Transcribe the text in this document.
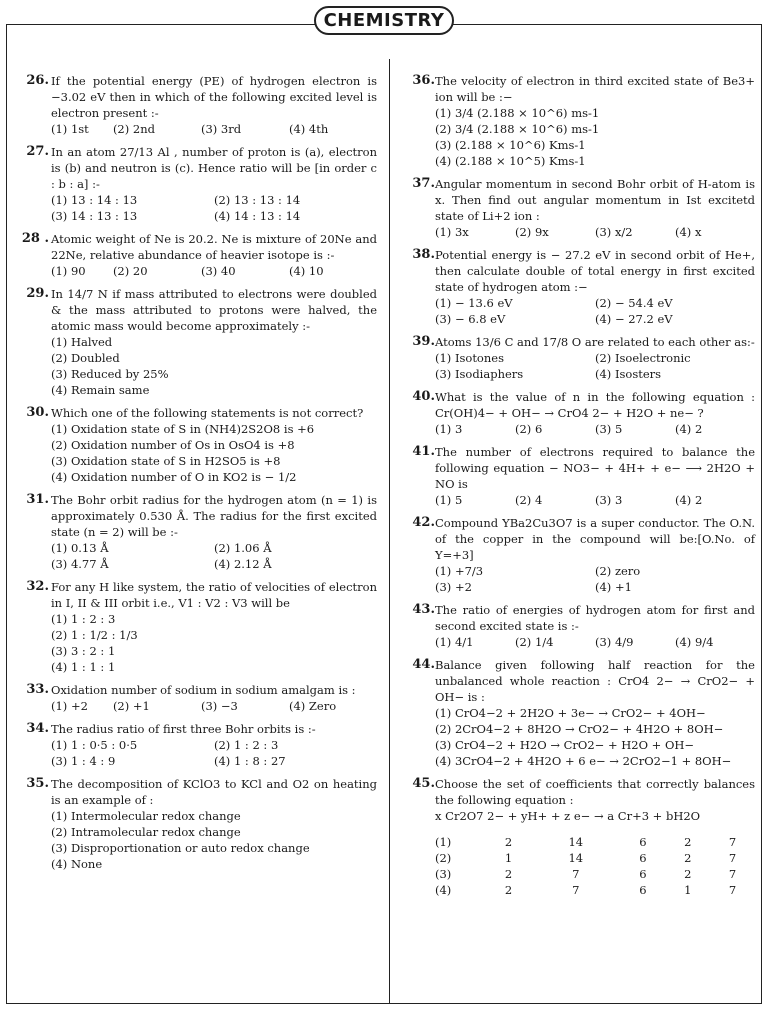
CHEMISTRY
26. If the potential energy (PE) of hydrogen electron is −3.02 eV then in which of the following excited level is electron present :-
(1) 1st	(2) 2nd	(3) 3rd	(4) 4th
27. In an atom 27/13 Al , number of proton is (a), electron is (b) and neutron is (c). Hence ratio will be [in order c : b : a] :-
(1) 13 : 14 : 13	(2) 13 : 13 : 14
(3) 14 : 13 : 13	(4) 14 : 13 : 14
28 . Atomic weight of Ne is 20.2. Ne is mixture of 20Ne and 22Ne, relative abundance of heavier isotope is :-
(1) 90	(2) 20	(3) 40	(4) 10
29. In 14/7 N if mass attributed to electrons were doubled & the mass attributed to protons were halved, the atomic mass would become approximately :-
(1) Halved
(2) Doubled
(3) Reduced by 25%
(4) Remain same
30. Which one of the following statements is not correct?
(1) Oxidation state of S in (NH4)2S2O8 is +6
(2) Oxidation number of Os in OsO4 is +8
(3) Oxidation state of S in H2SO5 is +8
(4) Oxidation number of O in KO2 is − 1/2
31. The Bohr orbit radius for the hydrogen atom (n = 1) is approximately 0.530 Å. The radius for the first excited state (n = 2) will be :-
(1) 0.13 Å	(2) 1.06 Å
(3) 4.77 Å	(4) 2.12 Å
32. For any H like system, the ratio of velocities of electron in I, II & III orbit i.e., V1 : V2 : V3 will be
(1) 1 : 2 : 3
(2) 1 : 1/2 : 1/3
(3) 3 : 2 : 1
(4) 1 : 1 : 1
33. Oxidation number of sodium in sodium amalgam is :
(1) +2	(2) +1	(3) −3	(4) Zero
34. The radius ratio of first three Bohr orbits is :-
(1) 1 : 0·5 : 0·5	(2) 1 : 2 : 3
(3) 1 : 4 : 9	(4) 1 : 8 : 27
35. The decomposition of KClO3 to KCl and O2 on heating is an example of :
(1) Intermolecular redox change
(2) Intramolecular redox change
(3) Disproportionation or auto redox change
(4) None
36. The velocity of electron in third excited state of Be3+ ion will be :−
(1) 3/4 (2.188 × 10^6) ms-1
(2) 3/4 (2.188 × 10^6) ms-1
(3) (2.188 × 10^6) Kms-1
(4) (2.188 × 10^5) Kms-1
37. Angular momentum in second Bohr orbit of H-atom is x. Then find out angular momentum in Ist excitetd state of Li+2 ion :
(1) 3x	(2) 9x	(3) x/2	(4) x
38. Potential energy is − 27.2 eV in second orbit of He+, then calculate double of total energy in first excited state of hydrogen atom :−
(1) − 13.6 eV	(2) − 54.4 eV
(3) − 6.8 eV	(4) − 27.2 eV
39. Atoms 13/6 C and 17/8 O are related to each other as:-
(1) Isotones	(2) Isoelectronic
(3) Isodiaphers	(4) Isosters
40. What is the value of n in the following equation : Cr(OH)4− + OH− → CrO4 2− + H2O + ne− ?
(1) 3	(2) 6	(3) 5	(4) 2
41. The number of electrons required to balance the following equation − NO3− + 4H+ + e− ⟶ 2H2O + NO is
(1) 5	(2) 4	(3) 3	(4) 2
42. Compound YBa2Cu3O7 is a super conductor. The O.N. of the copper in the compound will be:[O.No. of Y=+3]
(1) +7/3	(2) zero
(3) +2	(4) +1
43. The ratio of energies of hydrogen atom for first and second excited state is :-
(1) 4/1	(2) 1/4	(3) 4/9	(4) 9/4
44. Balance given following half reaction for the unbalanced whole reaction : CrO4 2− → CrO2− + OH− is :
(1) CrO4−2 + 2H2O + 3e− → CrO2− + 4OH−
(2) 2CrO4−2 + 8H2O → CrO2− + 4H2O + 8OH−
(3) CrO4−2 + H2O → CrO2− + H2O + OH−
(4) 3CrO4−2 + 4H2O + 6 e− → 2CrO2−1 + 8OH−
45. Choose the set of coefficients that correctly balances the following equation :
x Cr2O7 2− + yH+ + z e− → a Cr+3 + bH2O
(1)	2	14	6	2	7
(2)	1	14	6	2	7
(3)	2	7	6	2	7
(4)	2	7	6	1	7
